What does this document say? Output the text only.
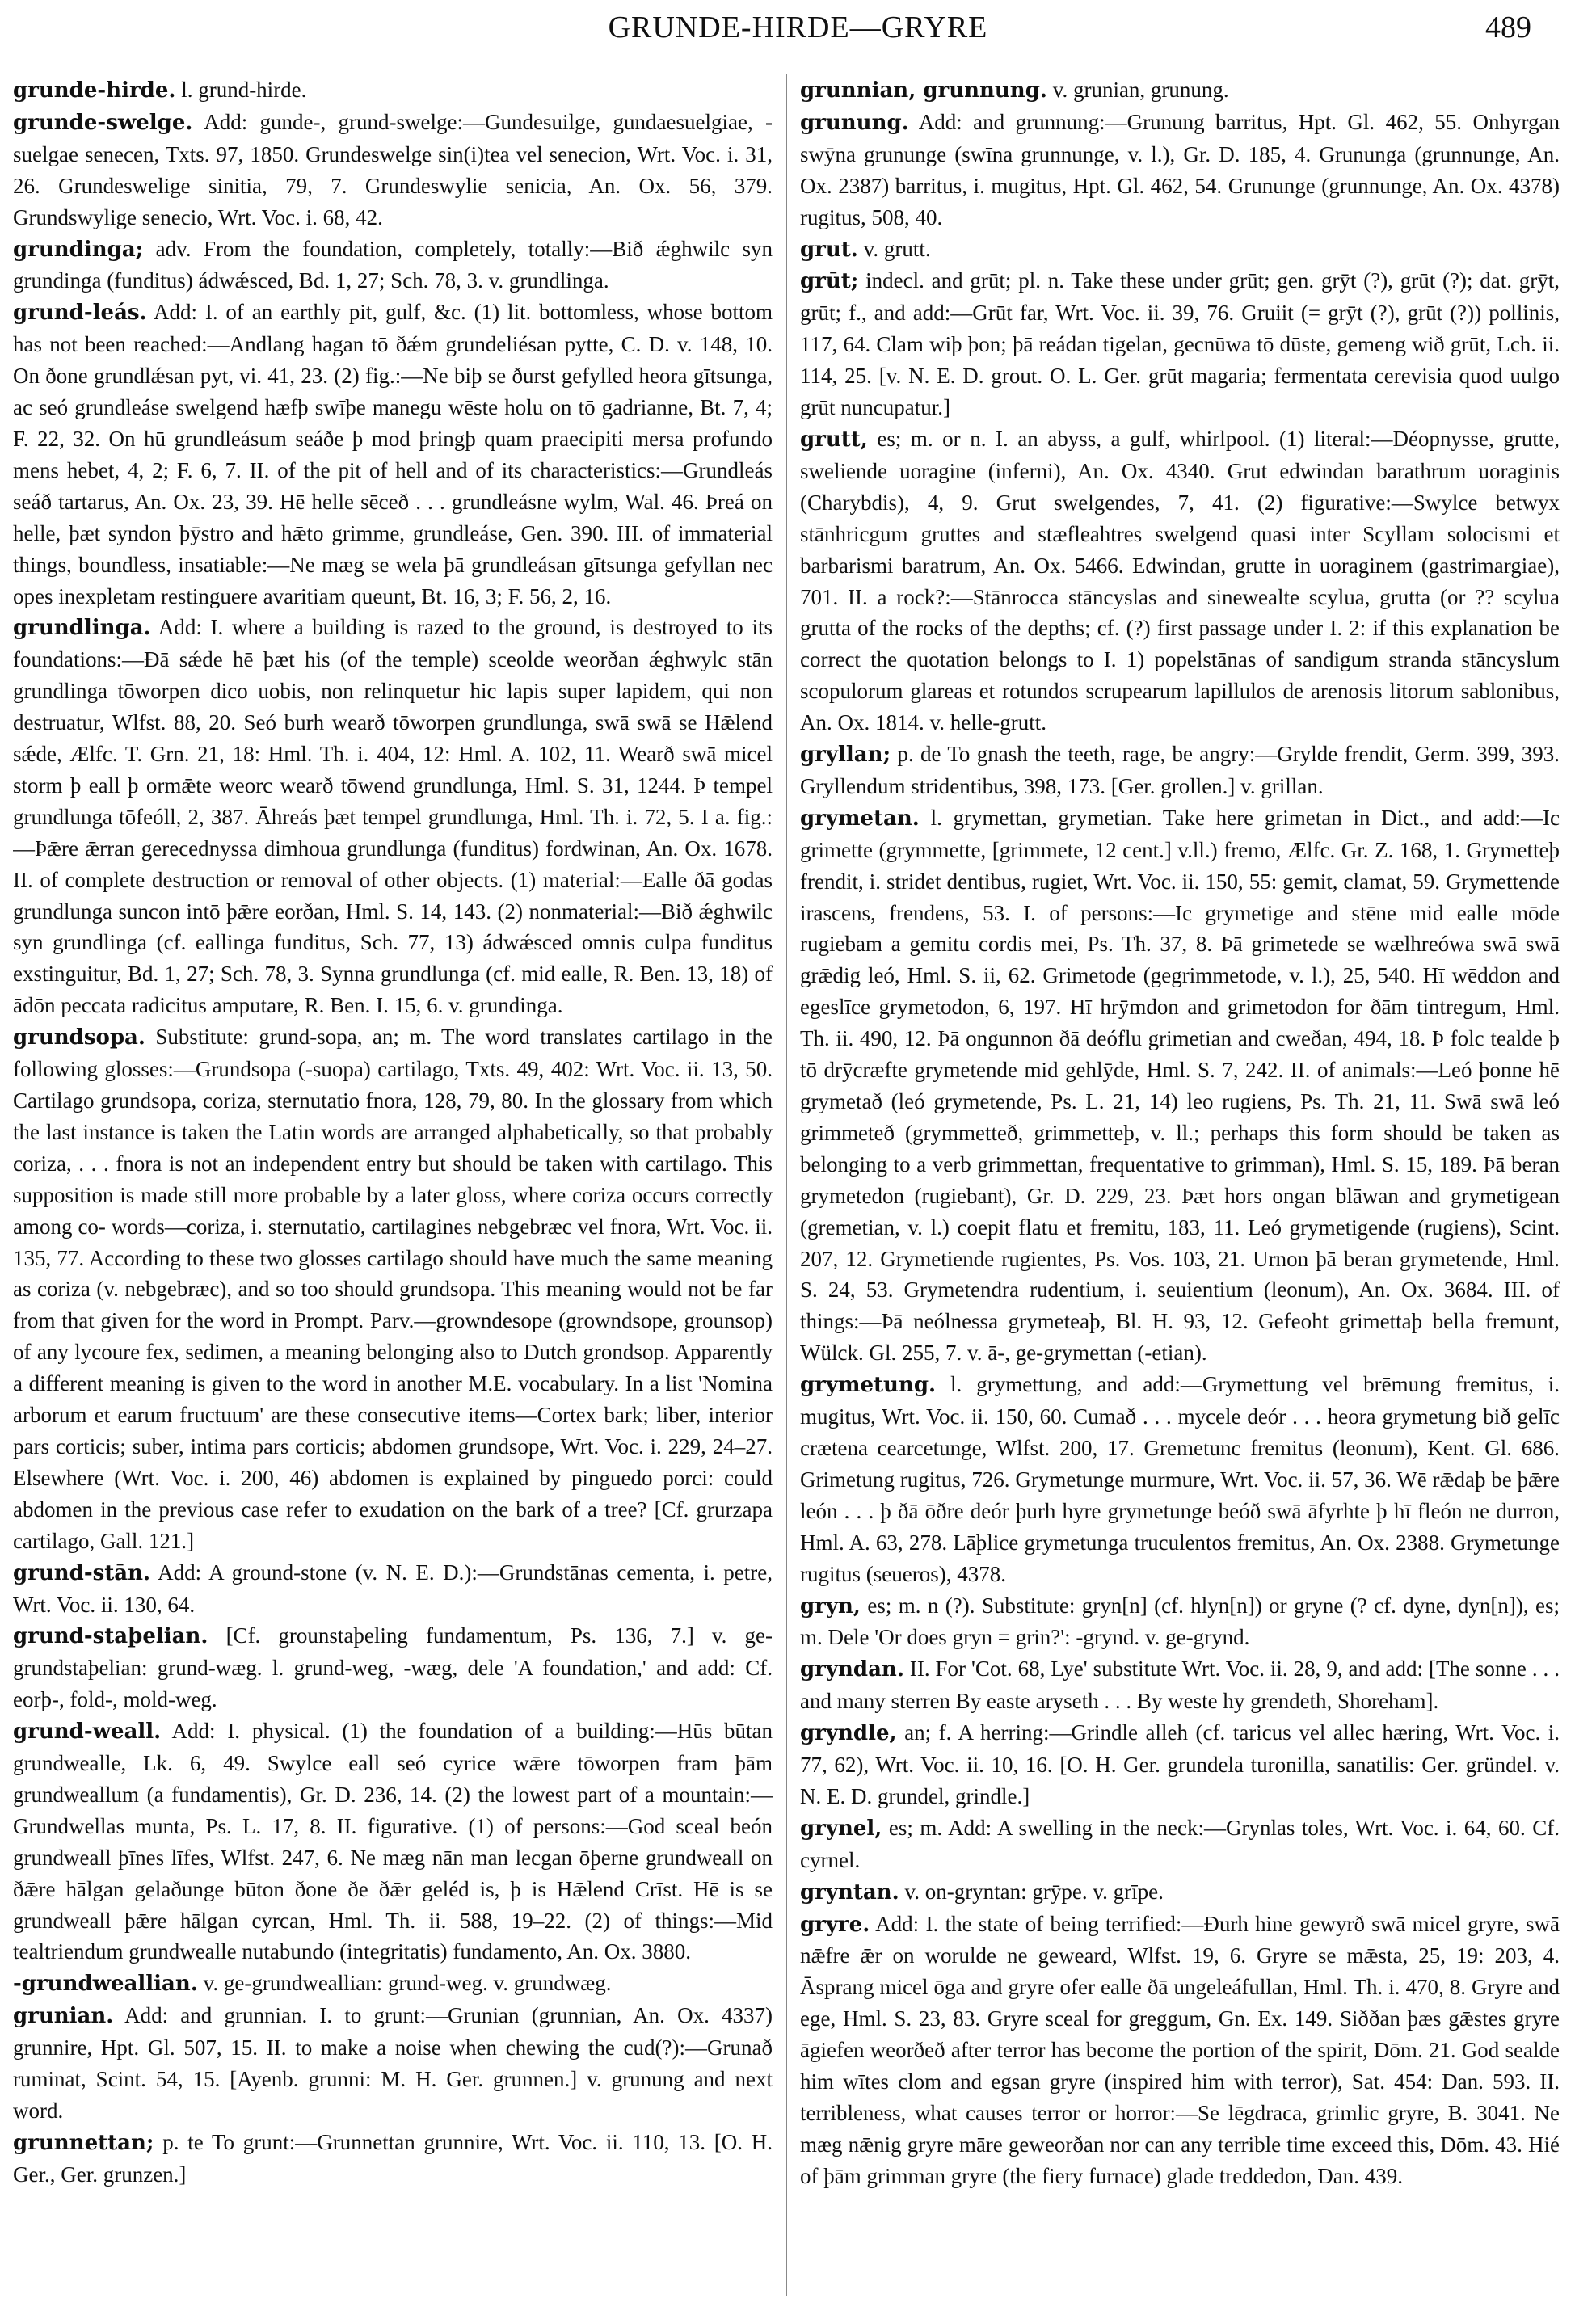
GRUNDE-HIRDE—GRYRE	489

grunde-hirde. l. grund-hirde.

grunde-swelge. Add: gunde-, grund-swelge:—Gundesuilge, gundaesuelgiae, -suelgae senecen, Txts. 97, 1850. Grundeswelge sin(i)tea vel senecion, Wrt. Voc. i. 31, 26. Grundeswelige sinitia, 79, 7. Grundeswylie senicia, An. Ox. 56, 379. Grundswylige senecio, Wrt. Voc. i. 68, 42.

grundinga; adv. From the foundation, completely, totally:—Bið ǽghwilc syn grundinga (funditus) ádwǽsced, Bd. 1, 27; Sch. 78, 3. v. grundlinga.

grund-leás. Add: I. of an earthly pit, gulf, &c. (1) lit. bottomless, whose bottom has not been reached:—Andlang hagan tō ðǽm grundeliésan pytte, C. D. v. 148, 10. On ðone grundlǽsan pyt, vi. 41, 23. (2) fig.:—Ne biþ se ðurst gefylled heora gītsunga, ac seó grundleáse swelgend hæfþ swīþe manegu wēste holu on tō gadrianne, Bt. 7, 4; F. 22, 32. On hū grundleásum seáðe þ mod þringþ quam praecipiti mersa profundo mens hebet, 4, 2; F. 6, 7. II. of the pit of hell and of its characteristics:—Grundleás seáð tartarus, An. Ox. 23, 39. Hē helle sēceð . . . grundleásne wylm, Wal. 46. Þreá on helle, þæt syndon þȳstro and hǣto grimme, grundleáse, Gen. 390. III. of immaterial things, boundless, insatiable:—Ne mæg se wela þā grundleásan gītsunga gefyllan nec opes inexpletam restinguere avaritiam queunt, Bt. 16, 3; F. 56, 2, 16.

grundlinga. Add: I. where a building is razed to the ground, is destroyed to its foundations:—Ðā sǽde hē þæt his (of the temple) sceolde weorðan ǽghwylc stān grundlinga tōworpen dico uobis, non relinquetur hic lapis super lapidem, qui non destruatur, Wlfst. 88, 20. Seó burh wearð tōworpen grundlunga, swā swā se Hǣlend sǽde, Ælfc. T. Grn. 21, 18: Hml. Th. i. 404, 12: Hml. A. 102, 11. Wearð swā micel storm þ eall þ ormǣte weorc wearð tōwend grundlunga, Hml. S. 31, 1244. Þ tempel grundlunga tōfeóll, 2, 387. Āhreás þæt tempel grundlunga, Hml. Th. i. 72, 5. I a. fig.:—Þǣre ǣrran gerecednyssa dimhoua grundlunga (funditus) fordwinan, An. Ox. 1678. II. of complete destruction or removal of other objects. (1) material:—Ealle ðā godas grundlunga suncon intō þǣre eorðan, Hml. S. 14, 143. (2) nonmaterial:—Bið ǽghwilc syn grundlinga (cf. eallinga funditus, Sch. 77, 13) ádwǽsced omnis culpa funditus exstinguitur, Bd. 1, 27; Sch. 78, 3. Synna grundlunga (cf. mid ealle, R. Ben. 13, 18) of ādōn peccata radicitus amputare, R. Ben. I. 15, 6. v. grundinga.

grundsopa. Substitute: grund-sopa, an; m. The word translates cartilago in the following glosses:—Grundsopa (-suopa) cartilago, Txts. 49, 402: Wrt. Voc. ii. 13, 50. Cartilago grundsopa, coriza, sternutatio fnora, 128, 79, 80. In the glossary from which the last instance is taken the Latin words are arranged alphabetically, so that probably coriza, . . . fnora is not an independent entry but should be taken with cartilago. This supposition is made still more probable by a later gloss, where coriza occurs correctly among co- words—coriza, i. sternutatio, cartilagines nebgebræc vel fnora, Wrt. Voc. ii. 135, 77. According to these two glosses cartilago should have much the same meaning as coriza (v. nebgebræc), and so too should grundsopa. This meaning would not be far from that given for the word in Prompt. Parv.—growndesope (growndsope, grounsop) of any lycoure fex, sedimen, a meaning belonging also to Dutch grondsop. Apparently a different meaning is given to the word in another M.E. vocabulary. In a list 'Nomina arborum et earum fructuum' are these consecutive items—Cortex bark; liber, interior pars corticis; suber, intima pars corticis; abdomen grundsope, Wrt. Voc. i. 229, 24–27. Elsewhere (Wrt. Voc. i. 200, 46) abdomen is explained by pinguedo porci: could abdomen in the previous case refer to exudation on the bark of a tree? [Cf. grurzapa cartilago, Gall. 121.]

grund-stān. Add: A ground-stone (v. N. E. D.):—Grundstānas cementa, i. petre, Wrt. Voc. ii. 130, 64.

grund-staþelian. [Cf. grounstaþeling fundamentum, Ps. 136, 7.] v. ge-grundstaþelian: grund-wæg. l. grund-weg, -wæg, dele 'A foundation,' and add: Cf. eorþ-, fold-, mold-weg.

grund-weall. Add: I. physical. (1) the foundation of a building:—Hūs būtan grundwealle, Lk. 6, 49. Swylce eall seó cyrice wǣre tōworpen fram þām grundweallum (a fundamentis), Gr. D. 236, 14. (2) the lowest part of a mountain:—Grundwellas munta, Ps. L. 17, 8. II. figurative. (1) of persons:—God sceal beón grundweall þīnes līfes, Wlfst. 247, 6. Ne mæg nān man lecgan ōþerne grundweall on ðǣre hālgan gelaðunge būton ðone ðe ðǣr geléd is, þ is Hǣlend Crīst. Hē is se grundweall þǣre hālgan cyrcan, Hml. Th. ii. 588, 19–22. (2) of things:—Mid tealtriendum grundwealle nutabundo (integritatis) fundamento, An. Ox. 3880.

-grundweallian. v. ge-grundweallian: grund-weg. v. grundwæg.

grunian. Add: and grunnian. I. to grunt:—Grunian (grunnian, An. Ox. 4337) grunnire, Hpt. Gl. 507, 15. II. to make a noise when chewing the cud(?):—Grunað ruminat, Scint. 54, 15. [Ayenb. grunni: M. H. Ger. grunnen.] v. grunung and next word.

grunnettan; p. te To grunt:—Grunnettan grunnire, Wrt. Voc. ii. 110, 13. [O. H. Ger., Ger. grunzen.]

grunnian, grunnung. v. grunian, grunung.

grunung. Add: and grunnung:—Grunung barritus, Hpt. Gl. 462, 55. Onhyrgan swȳna grununge (swīna grunnunge, v. l.), Gr. D. 185, 4. Grununga (grunnunge, An. Ox. 2387) barritus, i. mugitus, Hpt. Gl. 462, 54. Grununge (grunnunge, An. Ox. 4378) rugitus, 508, 40.

grut. v. grutt.

grūt; indecl. and grūt; pl. n. Take these under grūt; gen. grȳt (?), grūt (?); dat. grȳt, grūt; f., and add:—Grūt far, Wrt. Voc. ii. 39, 76. Gruiit (= grȳt (?), grūt (?)) pollinis, 117, 64. Clam wiþ þon; þā reádan tigelan, gecnūwa tō dūste, gemeng wið grūt, Lch. ii. 114, 25. [v. N. E. D. grout. O. L. Ger. grūt magaria; fermentata cerevisia quod uulgo grūt nuncupatur.]

grutt, es; m. or n. I. an abyss, a gulf, whirlpool. (1) literal:—Déopnysse, grutte, sweliende uoragine (inferni), An. Ox. 4340. Grut edwindan barathrum uoraginis (Charybdis), 4, 9. Grut swelgendes, 7, 41. (2) figurative:—Swylce betwyx stānhricgum gruttes and stæfleahtres swelgend quasi inter Scyllam solocismi et barbarismi baratrum, An. Ox. 5466. Edwindan, grutte in uoraginem (gastrimargiae), 701. II. a rock?:—Stānrocca stāncyslas and sinewealte scylua, grutta (or ?? scylua grutta of the rocks of the depths; cf. (?) first passage under I. 2: if this explanation be correct the quotation belongs to I. 1) popelstānas of sandigum stranda stāncyslum scopulorum glareas et rotundos scrupearum lapillulos de arenosis litorum sablonibus, An. Ox. 1814. v. helle-grutt.

gryllan; p. de To gnash the teeth, rage, be angry:—Grylde frendit, Germ. 399, 393. Gryllendum stridentibus, 398, 173. [Ger. grollen.] v. grillan.

grymetan. l. grymettan, grymetian. Take here grimetan in Dict., and add:—Ic grimette (grymmette, [grimmete, 12 cent.] v.ll.) fremo, Ælfc. Gr. Z. 168, 1. Grymetteþ frendit, i. stridet dentibus, rugiet, Wrt. Voc. ii. 150, 55: gemit, clamat, 59. Grymettende irascens, frendens, 53. I. of persons:—Ic grymetige and stēne mid ealle mōde rugiebam a gemitu cordis mei, Ps. Th. 37, 8. Þā grimetede se wælhreówa swā swā grǣdig leó, Hml. S. ii, 62. Grimetode (gegrimmetode, v. l.), 25, 540. Hī wēddon and egeslīce grymetodon, 6, 197. Hī hrȳmdon and grimetodon for ðām tintregum, Hml. Th. ii. 490, 12. Þā ongunnon ðā deóflu grimetian and cweðan, 494, 18. Þ folc tealde þ tō drȳcræfte grymetende mid gehlȳde, Hml. S. 7, 242. II. of animals:—Leó þonne hē grymetað (leó grymetende, Ps. L. 21, 14) leo rugiens, Ps. Th. 21, 11. Swā swā leó grimmeteð (grymmetteð, grimmetteþ, v. ll.; perhaps this form should be taken as belonging to a verb grimmettan, frequentative to grimman), Hml. S. 15, 189. Þā beran grymetedon (rugiebant), Gr. D. 229, 23. Þæt hors ongan blāwan and grymetigean (gremetian, v. l.) coepit flatu et fremitu, 183, 11. Leó grymetigende (rugiens), Scint. 207, 12. Grymetiende rugientes, Ps. Vos. 103, 21. Urnon þā beran grymetende, Hml. S. 24, 53. Grymetendra rudentium, i. seuientium (leonum), An. Ox. 3684. III. of things:—Þā neólnessa grymeteaþ, Bl. H. 93, 12. Gefeoht grimettaþ bella fremunt, Wülck. Gl. 255, 7. v. ā-, ge-grymettan (-etian).

grymetung. l. grymettung, and add:—Grymettung vel brēmung fremitus, i. mugitus, Wrt. Voc. ii. 150, 60. Cumað . . . mycele deór . . . heora grymetung bið gelīc crætena cearcetunge, Wlfst. 200, 17. Gremetunc fremitus (leonum), Kent. Gl. 686. Grimetung rugitus, 726. Grymetunge murmure, Wrt. Voc. ii. 57, 36. Wē rǣdaþ be þǣre león . . . þ ðā ōðre deór þurh hyre grymetunge beóð swā āfyrhte þ hī fleón ne durron, Hml. A. 63, 278. Lāþlice grymetunga truculentos fremitus, An. Ox. 2388. Grymetunge rugitus (seueros), 4378.

gryn, es; m. n (?). Substitute: gryn[n] (cf. hlyn[n]) or gryne (? cf. dyne, dyn[n]), es; m. Dele 'Or does gryn = grin?': -grynd. v. ge-grynd.

gryndan. II. For 'Cot. 68, Lye' substitute Wrt. Voc. ii. 28, 9, and add: [The sonne . . . and many sterren By easte aryseth . . . By weste hy grendeth, Shoreham].

gryndle, an; f. A herring:—Grindle alleh (cf. taricus vel allec hæring, Wrt. Voc. i. 77, 62), Wrt. Voc. ii. 10, 16. [O. H. Ger. grundela turonilla, sanatilis: Ger. gründel. v. N. E. D. grundel, grindle.]

grynel, es; m. Add: A swelling in the neck:—Grynlas toles, Wrt. Voc. i. 64, 60. Cf. cyrnel.

gryntan. v. on-gryntan: grȳpe. v. grīpe.

gryre. Add: I. the state of being terrified:—Ðurh hine gewyrð swā micel gryre, swā nǣfre ǣr on worulde ne geweard, Wlfst. 19, 6. Gryre se mǣsta, 25, 19: 203, 4. Āsprang micel ōga and gryre ofer ealle ðā ungeleáfullan, Hml. Th. i. 470, 8. Gryre and ege, Hml. S. 23, 83. Gryre sceal for greggum, Gn. Ex. 149. Siððan þæs gǣstes gryre āgiefen weorðeð after terror has become the portion of the spirit, Dōm. 21. God sealde him wītes clom and egsan gryre (inspired him with terror), Sat. 454: Dan. 593. II. terribleness, what causes terror or horror:—Se lēgdraca, grimlic gryre, B. 3041. Ne mæg nǣnig gryre māre geweorðan nor can any terrible time exceed this, Dōm. 43. Hié of þām grimman gryre (the fiery furnace) glade treddedon, Dan. 439.
